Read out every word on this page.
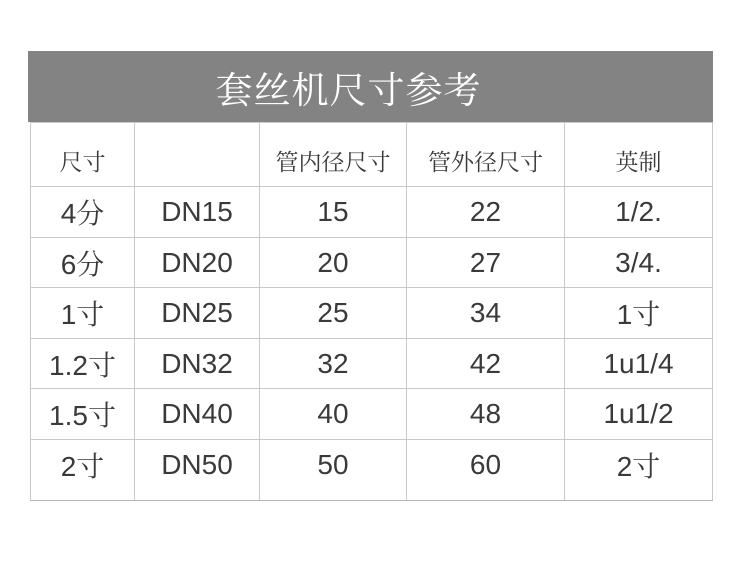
套丝机尺寸参考
尺寸		管内径尺寸	管外径尺寸	英制
4分	DN15	15	22	1/2.
6分	DN20	20	27	3/4.
1寸	DN25	25	34	1寸
1.2寸	DN32	32	42	1u1/4
1.5寸	DN40	40	48	1u1/2
2寸	DN50	50	60	2寸
